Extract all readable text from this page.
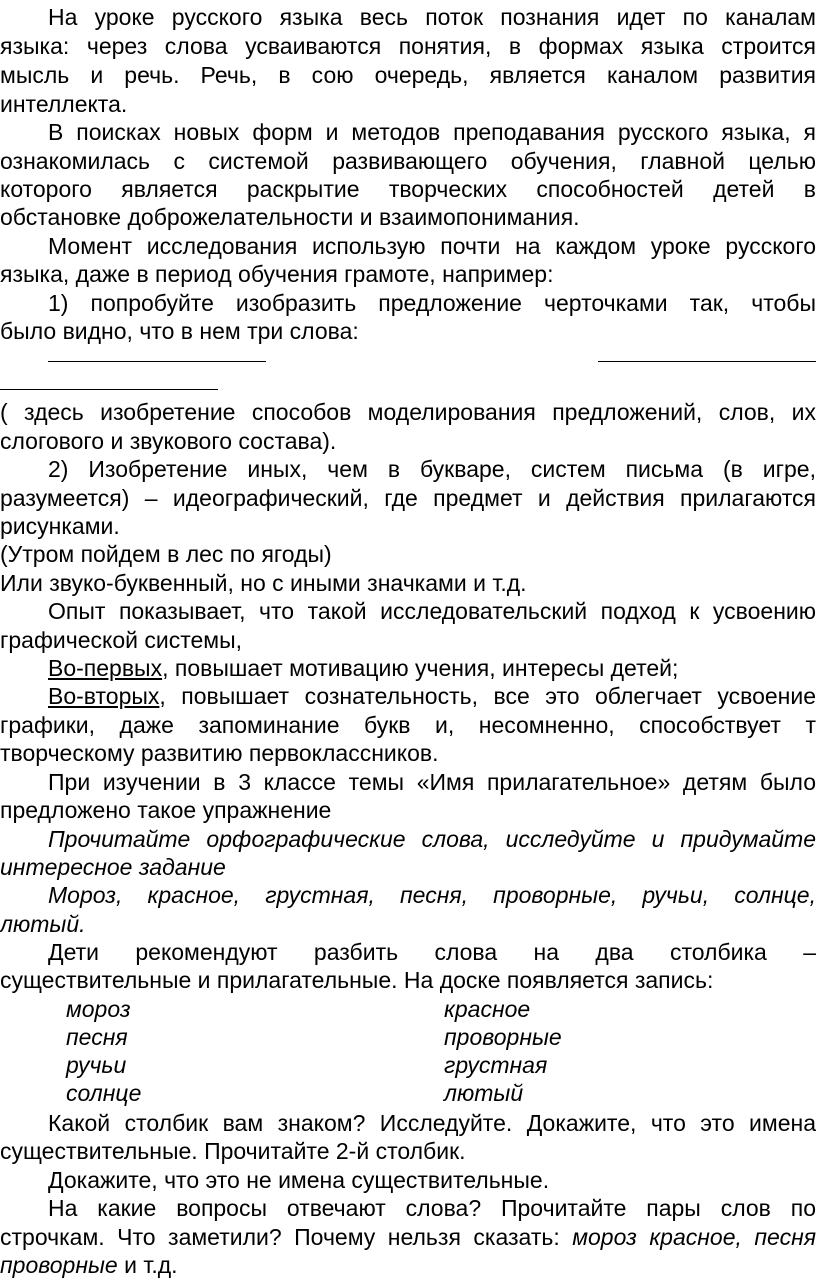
На уроке русского языка весь поток познания идет по каналам
языка: через слова усваиваются понятия, в формах языка строится
мысль и речь. Речь, в сою очередь, является каналом развития
интеллекта.
В поисках новых форм и методов преподавания русского языка, я
ознакомилась с системой развивающего обучения, главной целью
которого является раскрытие творческих способностей детей в
обстановке доброжелательности и взаимопонимания.
Момент исследования использую почти на каждом уроке русского
языка, даже в период обучения грамоте, например:
1) попробуйте изобразить предложение черточками так, чтобы
было видно, что в нем три слова:
( здесь изобретение способов моделирования предложений, слов, их
слогового и звукового состава).
2) Изобретение иных, чем в букваре, систем письма (в игре,
разумеется) – идеографический, где предмет и действия прилагаются
рисунками.
(Утром пойдем в лес по ягоды)
Или звуко-буквенный, но с иными значками и т.д.
Опыт показывает, что такой исследовательский подход к усвоению
графической системы,
Во-первых, повышает мотивацию учения, интересы детей;
Во-вторых, повышает сознательность, все это облегчает усвоение
графики, даже запоминание букв и, несомненно, способствует т
творческому развитию первоклассников.
При изучении в 3 классе темы «Имя прилагательное» детям было
предложено такое упражнение
Прочитайте орфографические слова, исследуйте и придумайте
интересное задание
Мороз, красное, грустная, песня, проворные, ручьи, солнце,
лютый.
Дети рекомендуют разбить слова на два столбика –
существительные и прилагательные. На доске появляется запись:
мороз	красное
песня	проворные
ручьи	грустная
солнце	лютый
Какой столбик вам знаком? Исследуйте. Докажите, что это имена
существительные. Прочитайте 2-й столбик.
Докажите, что это не имена существительные.
На какие вопросы отвечают слова? Прочитайте пары слов по
строчкам. Что заметили? Почему нельзя сказать: мороз красное, песня
проворные и т.д.
